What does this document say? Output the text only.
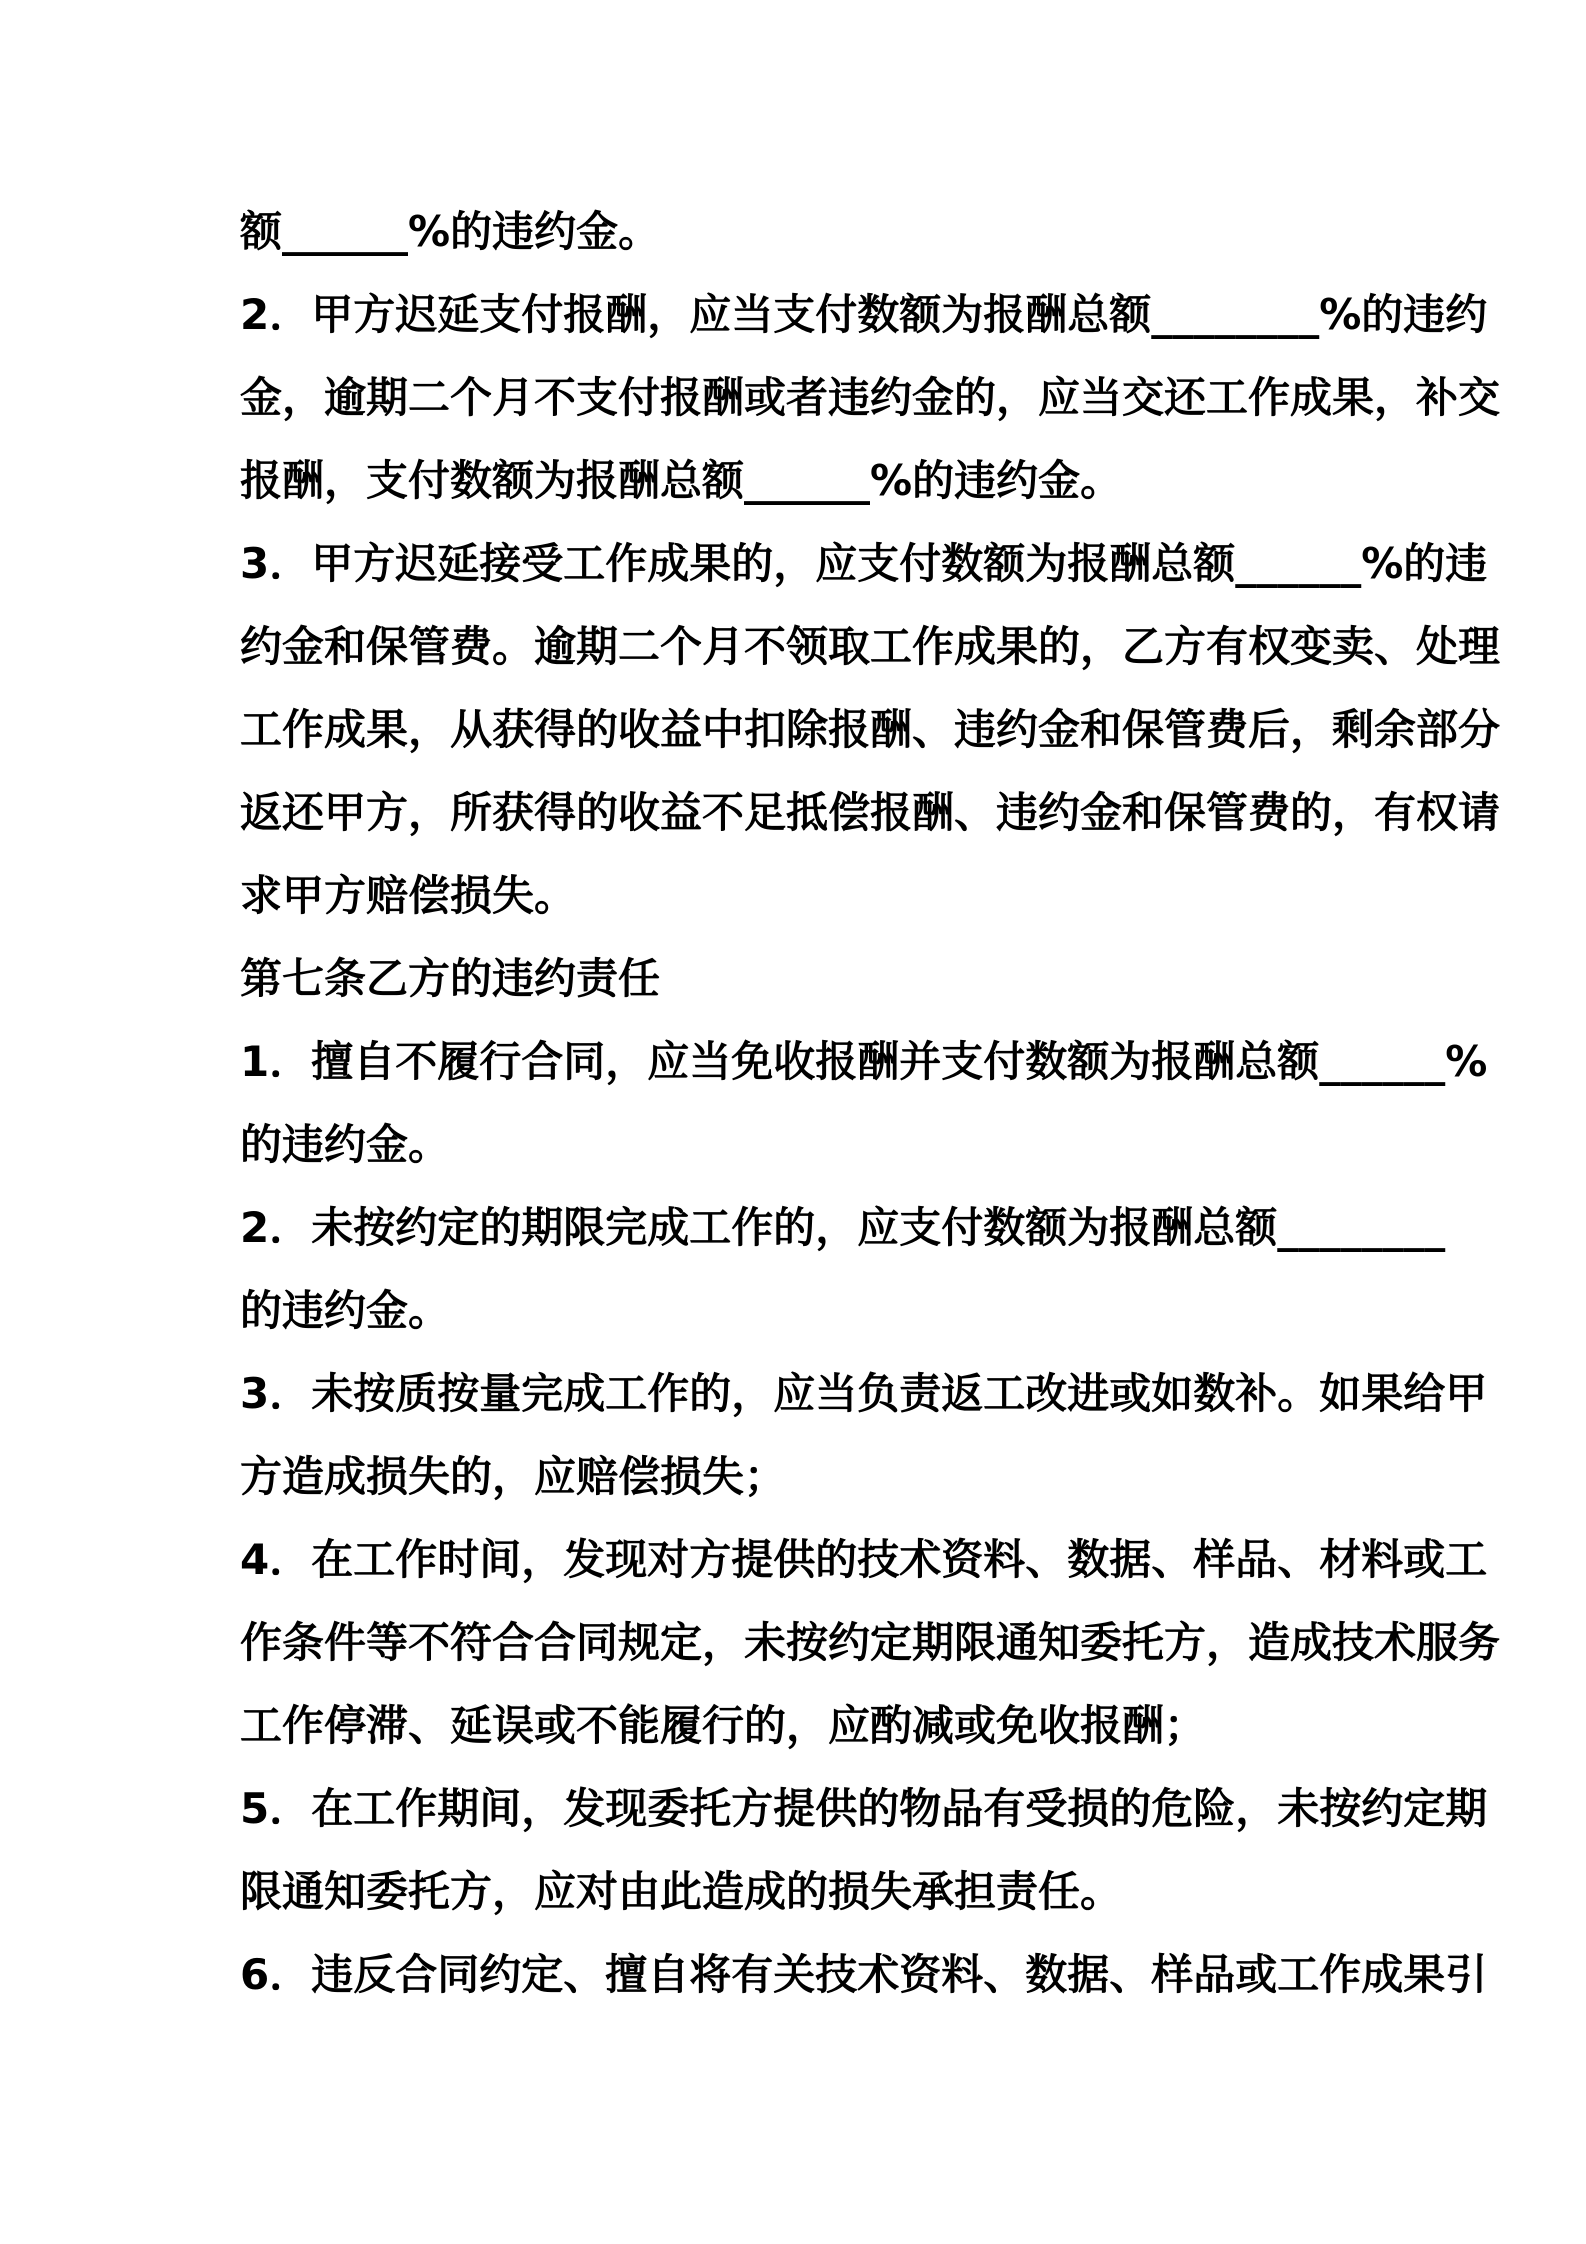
额______%的违约金。

2．甲方迟延支付报酬，应当支付数额为报酬总额________%的违约

金，逾期二个月不支付报酬或者违约金的，应当交还工作成果，补交

报酬，支付数额为报酬总额______%的违约金。

3．甲方迟延接受工作成果的，应支付数额为报酬总额______%的违

约金和保管费。逾期二个月不领取工作成果的，乙方有权变卖、处理

工作成果，从获得的收益中扣除报酬、违约金和保管费后，剩余部分

返还甲方，所获得的收益不足抵偿报酬、违约金和保管费的，有权请

求甲方赔偿损失。

第七条乙方的违约责任

1．擅自不履行合同，应当免收报酬并支付数额为报酬总额______%

的违约金。

2．未按约定的期限完成工作的，应支付数额为报酬总额________

的违约金。

3．未按质按量完成工作的，应当负责返工改进或如数补。如果给甲

方造成损失的，应赔偿损失；

4．在工作时间，发现对方提供的技术资料、数据、样品、材料或工

作条件等不符合合同规定，未按约定期限通知委托方，造成技术服务

工作停滞、延误或不能履行的，应酌减或免收报酬；

5．在工作期间，发现委托方提供的物品有受损的危险，未按约定期

限通知委托方，应对由此造成的损失承担责任。

6．违反合同约定、擅自将有关技术资料、数据、样品或工作成果引
